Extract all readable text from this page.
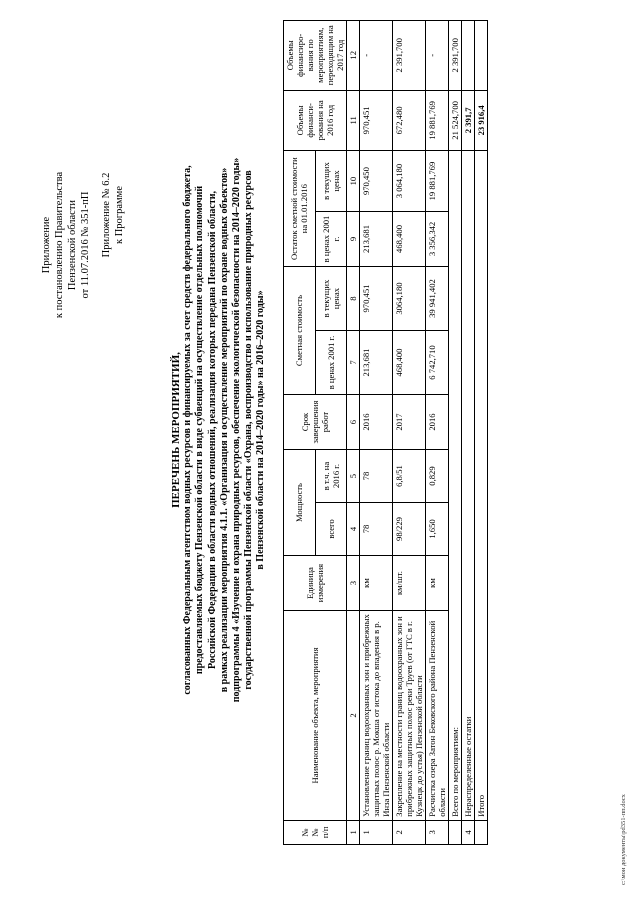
Приложение к постановлению Правительства Пензенской области от 11.07.2016 № 351-пП Приложение № 6.2 к Программе
ПЕРЕЧЕНЬ МЕРОПРИЯТИЙ, согласованных Федеральным агентством водных ресурсов и финансируемых за счет средств федерального бюджета, предоставляемых бюджету Пензенской области в виде субвенций на осуществление отдельных полномочий Российской Федерации в области водных отношений, реализация которых передана Пензенской области, в рамках реализации мероприятия 4.1.1. «Организация и осуществление мероприятий по охране водных объектов» подпрограммы 4 «Изучение и охрана природных ресурсов, обеспечение экологической безопасности на 2014–2020 годы» государственной программы Пензенской области «Охрана, воспроизводство и использование природных ресурсов в Пензенской области на 2014–2020 годы» на 2016–2020 годы»
№ № п/п	Наименование объекта, мероприятия	Единица измерения	Мощность		Срок завершения работ	Сметная стоимость		Остаток сметной стоимости на 01.01.2016		Объемы финанси-рования на 2016 год	Объемы финансиро-вания по мероприятиям, переходящим на 2017 год
			всего	в т.ч. на 2016 г.		в ценах 2001 г.	в текущих ценах	в ценах 2001 г.	в текущих ценах		
1	2	3	4	5	6	7	8	9	10	11	12
1	Установление границ водоохранных зон и прибрежных защитных полос р. Мокша от истока до впадения в р. Инза Пензенской области	км	78	78	2016	213,681	970,451	213,681	970,450	970,451	-
2	Закрепление на местности границ водоохранных зон и прибрежных защитных полос реки Труев (от ГТС в г. Кузнецк до устья) Пензенской области	км/шт.	98/229	6,8/51	2017	468,400	3064,180	468,400	3 064,180	672,480	2 391,700
3	Расчистка озера Затон Бековского района Пензенской области	км	1,650	0,829	2016	6 742,710	39 941,402	3 356,342	19 881,769	19 881,769	-
	Всего по мероприятиям:									21 524,700	2 391,700
4	Нераспределенные остатки									2 391,7	
	Итого									23 916,4	
c:\мои документы\pd351-пп.docx
